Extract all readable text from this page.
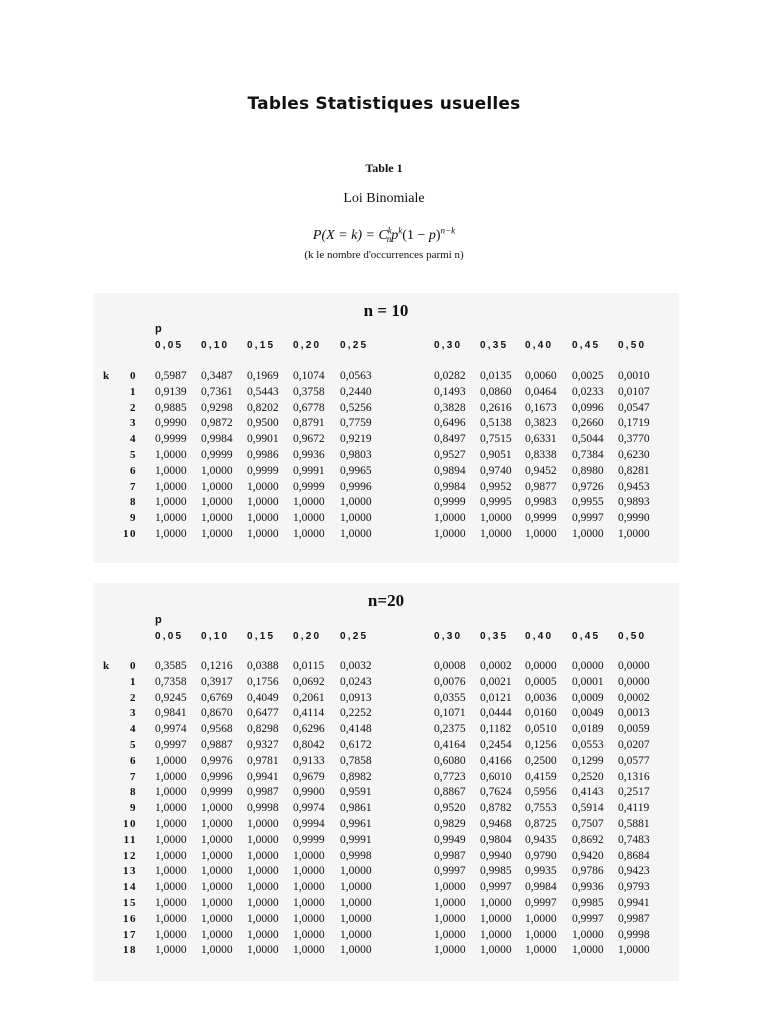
Tables Statistiques usuelles
Table 1
Loi Binomiale
$P(X = k) = C^k_np^k(1 - p)^{n-k}$
(k le nombre d'occurrences parmi n)
n = 10
p
0,05 0,10 0,15 0,20 0,25	0,30 0,35 0,40 0,45 0,50
k	0 0,5987 0,3487 0,1969 0,1074 0,0563	0,0282 0,0135 0,0060 0,0025 0,0010
1 0,9139 0,7361 0,5443 0,3758 0,2440	0,1493 0,0860 0,0464 0,0233 0,0107
2 0,9885 0,9298 0,8202 0,6778 0,5256	0,3828 0,2616 0,1673 0,0996 0,0547
3 0,9990 0,9872 0,9500 0,8791 0,7759	0,6496 0,5138 0,3823 0,2660 0,1719
4 0,9999 0,9984 0,9901 0,9672 0,9219	0,8497 0,7515 0,6331 0,5044 0,3770
5 1,0000 0,9999 0,9986 0,9936 0,9803	0,9527 0,9051 0,8338 0,7384 0,6230
6 1,0000 1,0000 0,9999 0,9991 0,9965	0,9894 0,9740 0,9452 0,8980 0,8281
7 1,0000 1,0000 1,0000 0,9999 0,9996	0,9984 0,9952 0,9877 0,9726 0,9453
8 1,0000 1,0000 1,0000 1,0000 1,0000	0,9999 0,9995 0,9983 0,9955 0,9893
9 1,0000 1,0000 1,0000 1,0000 1,0000	1,0000 1,0000 0,9999 0,9997 0,9990
10 1,0000 1,0000 1,0000 1,0000 1,0000	1,0000 1,0000 1,0000 1,0000 1,0000
n=20
p
0,05 0,10 0,15 0,20 0,25	0,30 0,35 0,40 0,45 0,50
k	0 0,3585 0,1216 0,0388 0,0115 0,0032	0,0008 0,0002 0,0000 0,0000 0,0000
1 0,7358 0,3917 0,1756 0,0692 0,0243	0,0076 0,0021 0,0005 0,0001 0,0000
2 0,9245 0,6769 0,4049 0,2061 0,0913	0,0355 0,0121 0,0036 0,0009 0,0002
3 0,9841 0,8670 0,6477 0,4114 0,2252	0,1071 0,0444 0,0160 0,0049 0,0013
4 0,9974 0,9568 0,8298 0,6296 0,4148	0,2375 0,1182 0,0510 0,0189 0,0059
5 0,9997 0,9887 0,9327 0,8042 0,6172	0,4164 0,2454 0,1256 0,0553 0,0207
6 1,0000 0,9976 0,9781 0,9133 0,7858	0,6080 0,4166 0,2500 0,1299 0,0577
7 1,0000 0,9996 0,9941 0,9679 0,8982	0,7723 0,6010 0,4159 0,2520 0,1316
8 1,0000 0,9999 0,9987 0,9900 0,9591	0,8867 0,7624 0,5956 0,4143 0,2517
9 1,0000 1,0000 0,9998 0,9974 0,9861	0,9520 0,8782 0,7553 0,5914 0,4119
10 1,0000 1,0000 1,0000 0,9994 0,9961	0,9829 0,9468 0,8725 0,7507 0,5881
11 1,0000 1,0000 1,0000 0,9999 0,9991	0,9949 0,9804 0,9435 0,8692 0,7483
12 1,0000 1,0000 1,0000 1,0000 0,9998	0,9987 0,9940 0,9790 0,9420 0,8684
13 1,0000 1,0000 1,0000 1,0000 1,0000	0,9997 0,9985 0,9935 0,9786 0,9423
14 1,0000 1,0000 1,0000 1,0000 1,0000	1,0000 0,9997 0,9984 0,9936 0,9793
15 1,0000 1,0000 1,0000 1,0000 1,0000	1,0000 1,0000 0,9997 0,9985 0,9941
16 1,0000 1,0000 1,0000 1,0000 1,0000	1,0000 1,0000 1,0000 0,9997 0,9987
17 1,0000 1,0000 1,0000 1,0000 1,0000	1,0000 1,0000 1,0000 1,0000 0,9998
18 1,0000 1,0000 1,0000 1,0000 1,0000	1,0000 1,0000 1,0000 1,0000 1,0000
